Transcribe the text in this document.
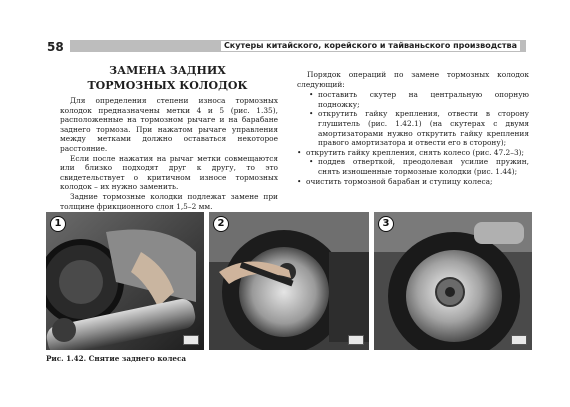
58	Скутеры китайского, корейского и тайваньского производства
ЗАМЕНА ЗАДНИХ
ТОРМОЗНЫХ КОЛОДОК

Для определения степени износа тормозных колодок предназначены метки 4 и 5 (рис. 1.35), расположенные на тормозном рычаге и на барабане заднего тормоза. При нажатом рычаге управления между метками должно оставаться некоторое расстояние.

Если после нажатия на рычаг метки совмещаются или близко подходят друг к другу, то это свидетельствует о критичном износе тормозных колодок – их нужно заменить.

Задние тормозные колодки подлежат замене при толщине фрикционного слоя 1,5–2 мм.

Порядок операций по замене тормозных колодок следующий:

• поставить скутер на центральную опорную подножку;
• открутить гайку крепления, отвести в сторону глушитель (рис. 1.42.1) (на скутерах с двумя амортизаторами нужно открутить гайку крепления правого амортизатора и отвести его в сторону);
• открутить гайку крепления, снять колесо (рис. 47.2–3);
• поддев отверткой, преодолевая усилие пружин, снять изношенные тормозные колодки (рис. 1.44);
• очистить тормозной барабан и ступицу колеса;
1	2	3
Рис. 1.42. Снятие заднего колеса
